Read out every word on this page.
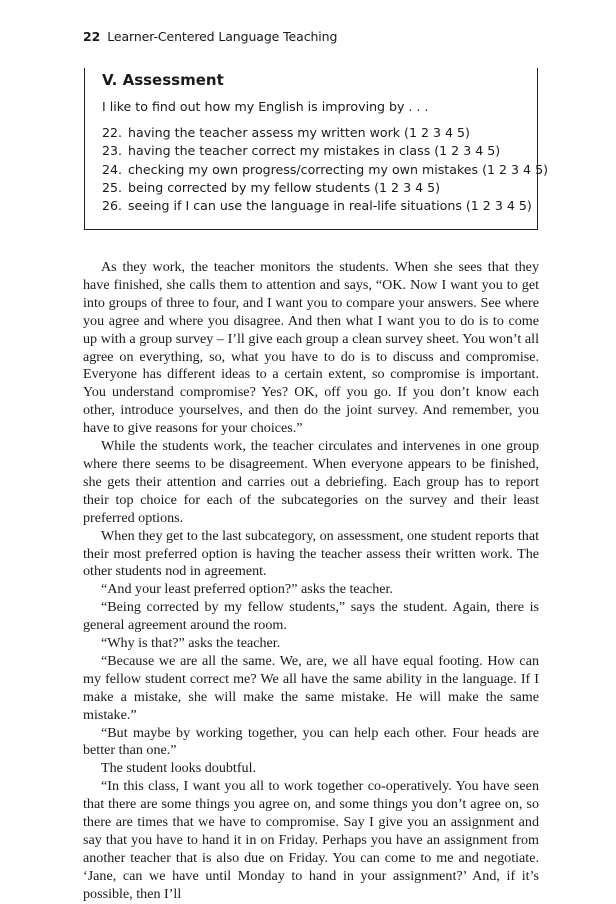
22 Learner-Centered Language Teaching
V. Assessment
I like to find out how my English is improving by . . .
22. having the teacher assess my written work (1 2 3 4 5)
23. having the teacher correct my mistakes in class (1 2 3 4 5)
24. checking my own progress/correcting my own mistakes (1 2 3 4 5)
25. being corrected by my fellow students (1 2 3 4 5)
26. seeing if I can use the language in real-life situations (1 2 3 4 5)

As they work, the teacher monitors the students. When she sees that they have finished, she calls them to attention and says, “OK. Now I want you to get into groups of three to four, and I want you to compare your answers. See where you agree and where you disagree. And then what I want you to do is to come up with a group survey – I’ll give each group a clean survey sheet. You won’t all agree on everything, so, what you have to do is to discuss and compromise. Everyone has different ideas to a certain extent, so compromise is important. You understand compromise? Yes? OK, off you go. If you don’t know each other, introduce yourselves, and then do the joint survey. And remember, you have to give reasons for your choices.”

While the students work, the teacher circulates and intervenes in one group where there seems to be disagreement. When everyone appears to be finished, she gets their attention and carries out a debriefing. Each group has to report their top choice for each of the subcategories on the survey and their least preferred options.

When they get to the last subcategory, on assessment, one student reports that their most preferred option is having the teacher assess their written work. The other students nod in agreement.

“And your least preferred option?” asks the teacher.

“Being corrected by my fellow students,” says the student. Again, there is general agreement around the room.

“Why is that?” asks the teacher.

“Because we are all the same. We, are, we all have equal footing. How can my fellow student correct me? We all have the same ability in the language. If I make a mistake, she will make the same mistake. He will make the same mistake.”

“But maybe by working together, you can help each other. Four heads are better than one.”

The student looks doubtful.

“In this class, I want you all to work together co-operatively. You have seen that there are some things you agree on, and some things you don’t agree on, so there are times that we have to compromise. Say I give you an assignment and say that you have to hand it in on Friday. Perhaps you have an assignment from another teacher that is also due on Friday. You can come to me and negotiate. ‘Jane, can we have until Monday to hand in your assignment?’ And, if it’s possible, then I’ll
